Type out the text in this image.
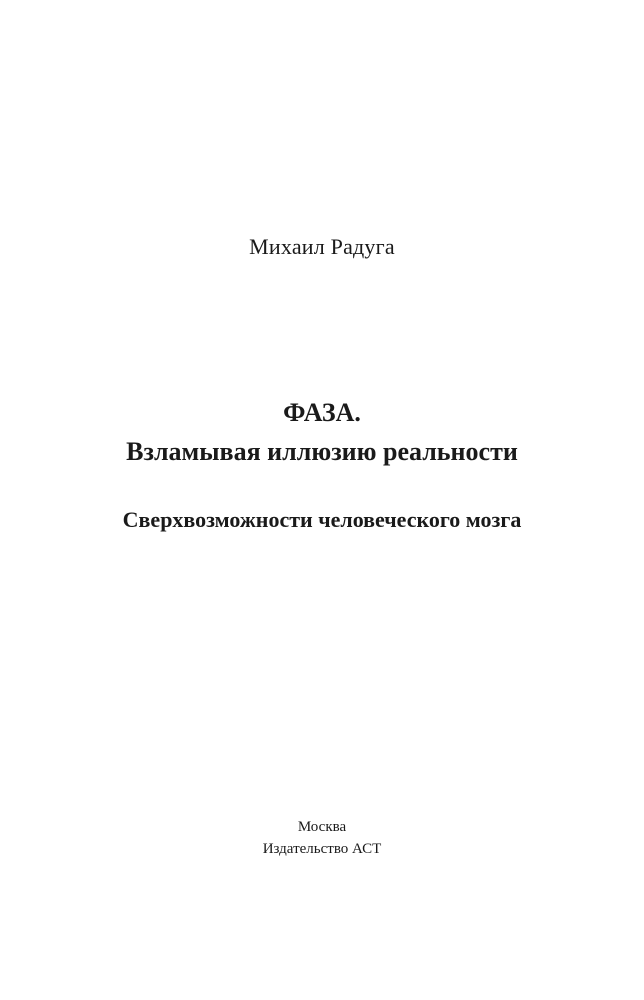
Михаил Радуга
ФАЗА.
Взламывая иллюзию реальности
Сверхвозможности человеческого мозга
Москва
Издательство АСТ
